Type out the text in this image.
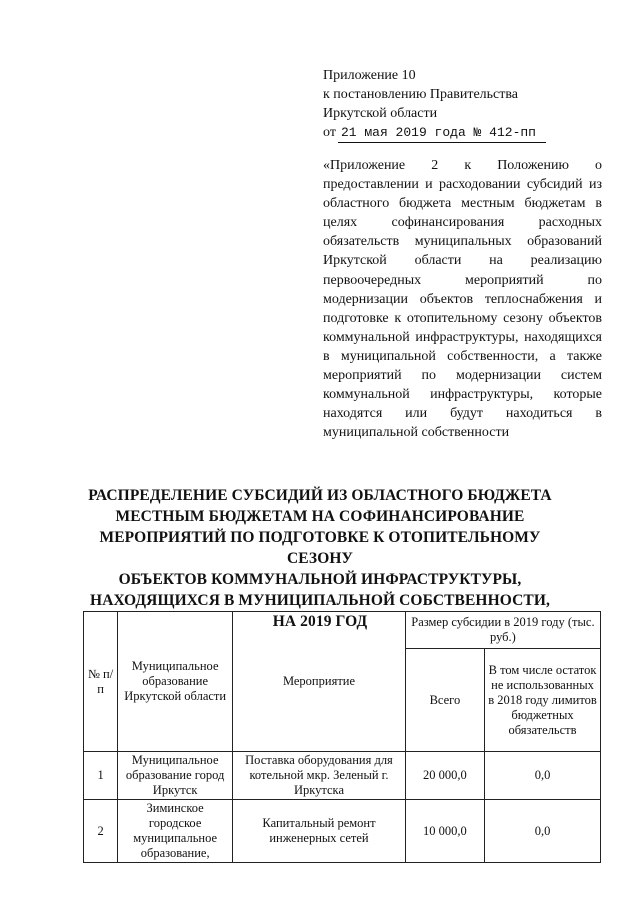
Приложение 10
к постановлению Правительства
Иркутской области
от 21 мая 2019 года № 412-пп

«Приложение 2 к Положению о предоставлении и расходовании субсидий из областного бюджета местным бюджетам в целях софинансирования расходных обязательств муниципальных образований Иркутской области на реализацию первоочередных мероприятий по модернизации объектов теплоснабжения и подготовке к отопительному сезону объектов коммунальной инфраструктуры, находящихся в муниципальной собственности, а также мероприятий по модернизации систем коммунальной инфраструктуры, которые находятся или будут находиться в муниципальной собственности

РАСПРЕДЕЛЕНИЕ СУБСИДИЙ ИЗ ОБЛАСТНОГО БЮДЖЕТА
МЕСТНЫМ БЮДЖЕТАМ НА СОФИНАНСИРОВАНИЕ
МЕРОПРИЯТИЙ ПО ПОДГОТОВКЕ К ОТОПИТЕЛЬНОМУ СЕЗОНУ
ОБЪЕКТОВ КОММУНАЛЬНОЙ ИНФРАСТРУКТУРЫ,
НАХОДЯЩИХСЯ В МУНИЦИПАЛЬНОЙ СОБСТВЕННОСТИ,
НА 2019 ГОД
№ п/п	Муниципальное образование Иркутской области	Мероприятие	Размер субсидии в 2019 году (тыс. руб.)	
			Всего	В том числе остаток не использованных в 2018 году лимитов бюджетных обязательств
1	Муниципальное образование город Иркутск	Поставка оборудования для котельной мкр. Зеленый г. Иркутска	20 000,0	0,0
2	Зиминское городское муниципальное образование,	Капитальный ремонт инженерных сетей	10 000,0	0,0
